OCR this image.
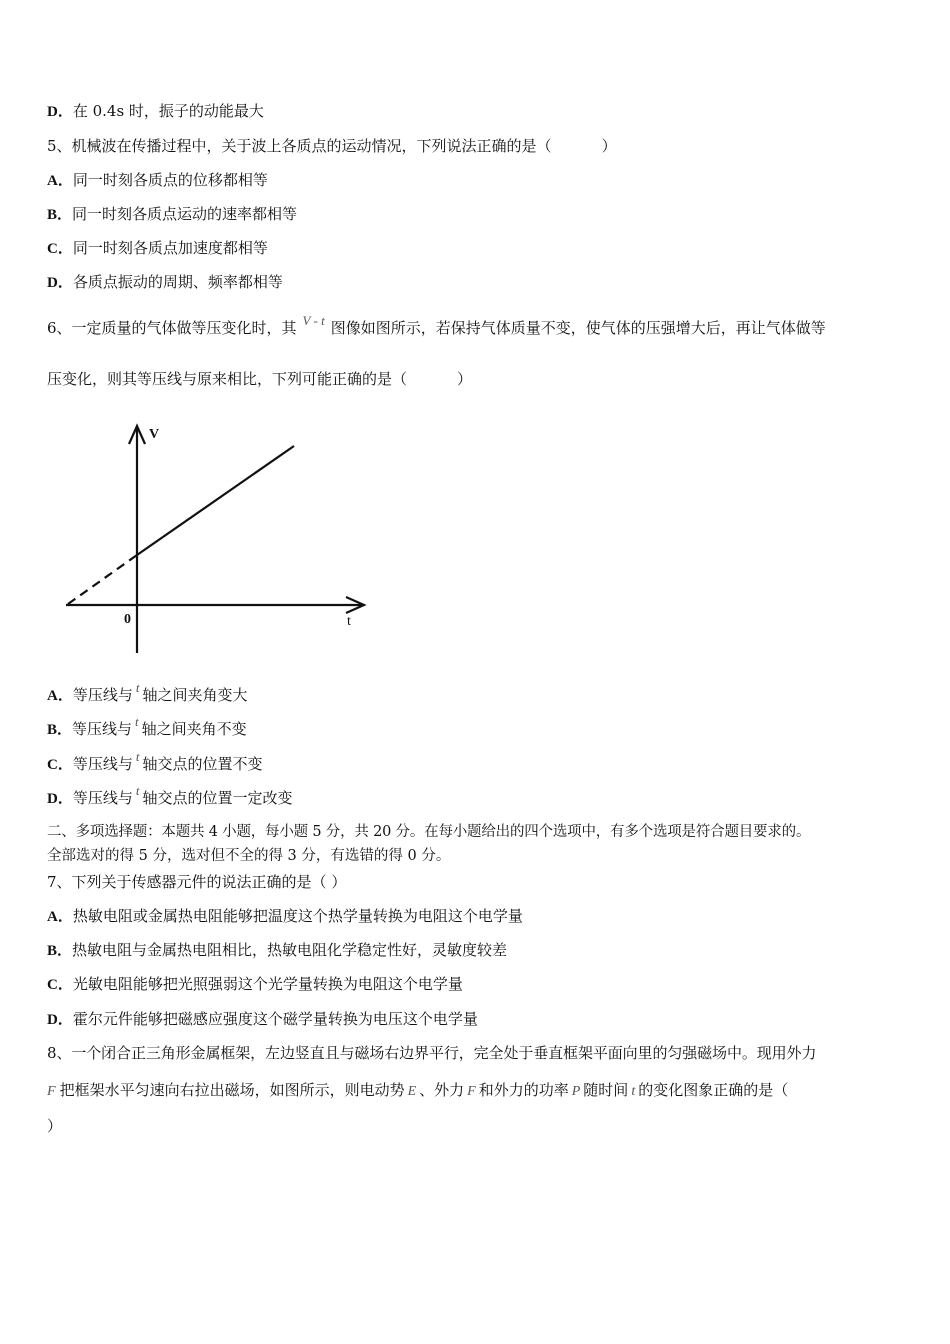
D．在 0.4s 时，振子的动能最大
5、机械波在传播过程中，关于波上各质点的运动情况，下列说法正确的是（	）
A．同一时刻各质点的位移都相等
B．同一时刻各质点运动的速率都相等
C．同一时刻各质点加速度都相等
D．各质点振动的周期、频率都相等
6、一定质量的气体做等压变化时，其 V - t 图像如图所示，若保持气体质量不变，使气体的压强增大后，再让气体做等
压变化，则其等压线与原来相比，下列可能正确的是（	）
V
t
0
A．等压线与 t 轴之间夹角变大
B．等压线与 t 轴之间夹角不变
C．等压线与 t 轴交点的位置不变
D．等压线与 t 轴交点的位置一定改变
二、多项选择题：本题共 4 小题，每小题 5 分，共 20 分。在每小题给出的四个选项中，有多个选项是符合题目要求的。
全部选对的得 5 分，选对但不全的得 3 分，有选错的得 0 分。
7、下列关于传感器元件的说法正确的是（ ）
A．热敏电阻或金属热电阻能够把温度这个热学量转换为电阻这个电学量
B．热敏电阻与金属热电阻相比，热敏电阻化学稳定性好，灵敏度较差
C．光敏电阻能够把光照强弱这个光学量转换为电阻这个电学量
D．霍尔元件能够把磁感应强度这个磁学量转换为电压这个电学量
8、一个闭合正三角形金属框架，左边竖直且与磁场右边界平行，完全处于垂直框架平面向里的匀强磁场中。现用外力
F 把框架水平匀速向右拉出磁场，如图所示，则电动势 E 、外力 F 和外力的功率 P 随时间 t 的变化图象正确的是（
）
